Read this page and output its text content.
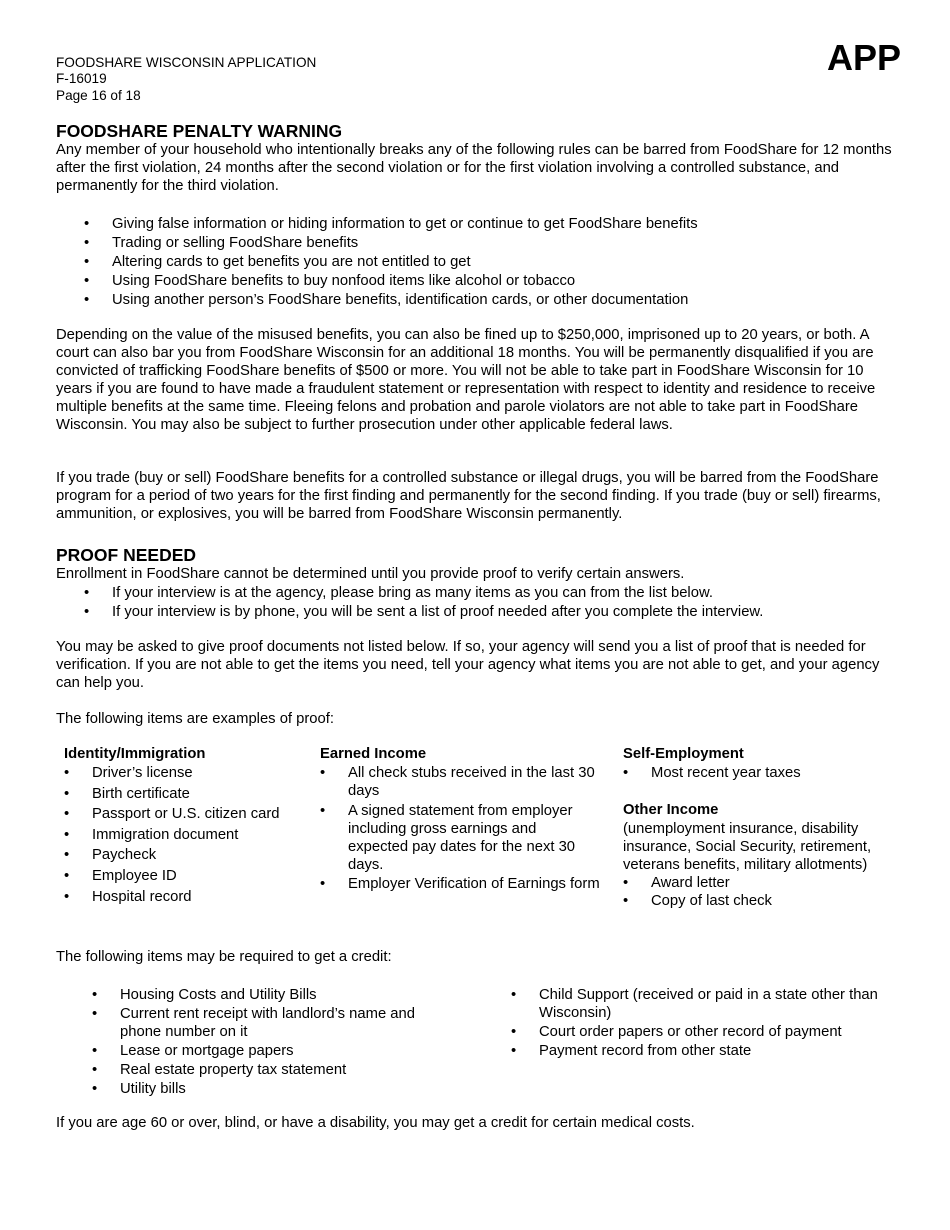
FOODSHARE WISCONSIN APPLICATION
F-16019
Page 16 of 18
APP
FOODSHARE PENALTY WARNING

Any member of your household who intentionally breaks any of the following rules can be barred from FoodShare for 12 months after the first violation, 24 months after the second violation or for the first violation involving a controlled substance, and permanently for the third violation.

• Giving false information or hiding information to get or continue to get FoodShare benefits
• Trading or selling FoodShare benefits
• Altering cards to get benefits you are not entitled to get
• Using FoodShare benefits to buy nonfood items like alcohol or tobacco
• Using another person’s FoodShare benefits, identification cards, or other documentation

Depending on the value of the misused benefits, you can also be fined up to $250,000, imprisoned up to 20 years, or both. A court can also bar you from FoodShare Wisconsin for an additional 18 months. You will be permanently disqualified if you are convicted of trafficking FoodShare benefits of $500 or more. You will not be able to take part in FoodShare Wisconsin for 10 years if you are found to have made a fraudulent statement or representation with respect to identity and residence to receive multiple benefits at the same time. Fleeing felons and probation and parole violators are not able to take part in FoodShare Wisconsin. You may also be subject to further prosecution under other applicable federal laws.

If you trade (buy or sell) FoodShare benefits for a controlled substance or illegal drugs, you will be barred from the FoodShare program for a period of two years for the first finding and permanently for the second finding. If you trade (buy or sell) firearms, ammunition, or explosives, you will be barred from FoodShare Wisconsin permanently.

PROOF NEEDED

Enrollment in FoodShare cannot be determined until you provide proof to verify certain answers.

• If your interview is at the agency, please bring as many items as you can from the list below.
• If your interview is by phone, you will be sent a list of proof needed after you complete the interview.

You may be asked to give proof documents not listed below. If so, your agency will send you a list of proof that is needed for verification. If you are not able to get the items you need, tell your agency what items you are not able to get, and your agency can help you.

The following items are examples of proof:

Identity/Immigration
• Driver’s license
• Birth certificate
• Passport or U.S. citizen card
• Immigration document
• Paycheck
• Employee ID
• Hospital record
Earned Income
• All check stubs received in the last 30 days
• A signed statement from employer including gross earnings and expected pay dates for the next 30 days.
• Employer Verification of Earnings form
Self-Employment
• Most recent year taxes
Other Income

(unemployment insurance, disability insurance, Social Security, retirement, veterans benefits, military allotments)

• Award letter
• Copy of last check

The following items may be required to get a credit:

• Housing Costs and Utility Bills
• Current rent receipt with landlord’s name and phone number on it
• Lease or mortgage papers
• Real estate property tax statement
• Utility bills
• Child Support (received or paid in a state other than Wisconsin)
• Court order papers or other record of payment
• Payment record from other state

If you are age 60 or over, blind, or have a disability, you may get a credit for certain medical costs.
